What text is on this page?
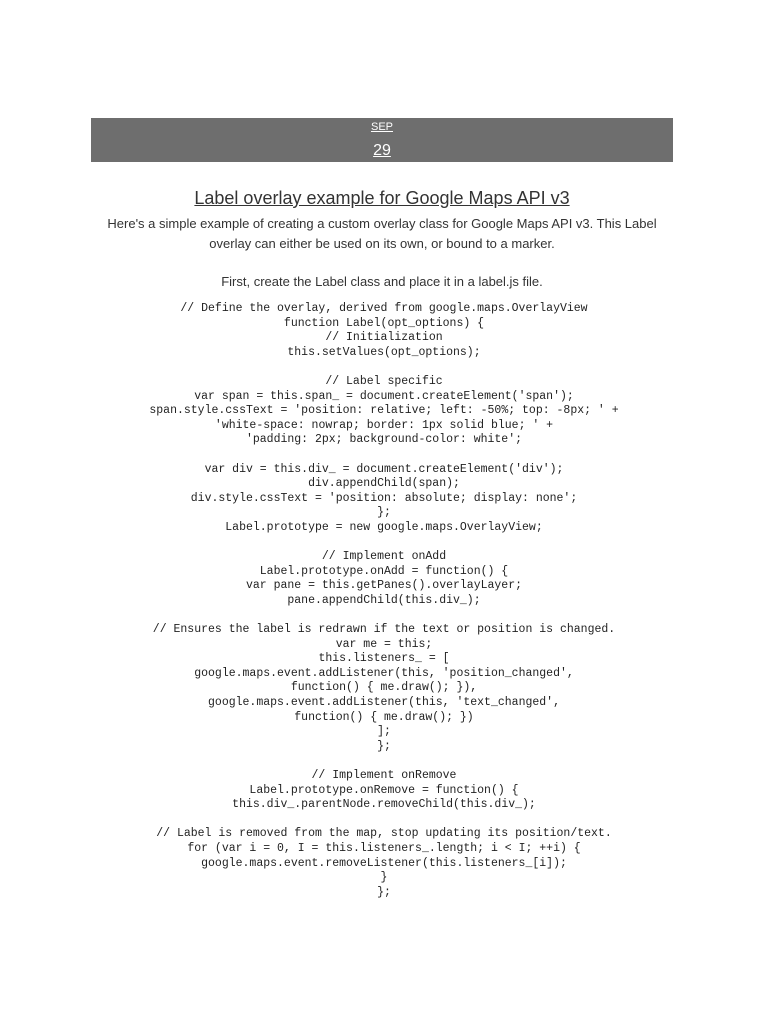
SEP
29
Label overlay example for Google Maps API v3

Here's a simple example of creating a custom overlay class for Google Maps API v3. This Label overlay can either be used on its own, or bound to a marker.

First, create the Label class and place it in a label.js file.

// Define the overlay, derived from google.maps.OverlayView
function Label(opt_options) {
// Initialization
this.setValues(opt_options);
// Label specific
var span = this.span_ = document.createElement('span');
span.style.cssText = 'position: relative; left: -50%; top: -8px; ' +
'white-space: nowrap; border: 1px solid blue; ' +
'padding: 2px; background-color: white';
var div = this.div_ = document.createElement('div');
div.appendChild(span);
div.style.cssText = 'position: absolute; display: none';
};
Label.prototype = new google.maps.OverlayView;
// Implement onAdd
Label.prototype.onAdd = function() {
var pane = this.getPanes().overlayLayer;
pane.appendChild(this.div_);
// Ensures the label is redrawn if the text or position is changed.
var me = this;
this.listeners_ = [
google.maps.event.addListener(this, 'position_changed',
function() { me.draw(); }),
google.maps.event.addListener(this, 'text_changed',
function() { me.draw(); })
];
};
// Implement onRemove
Label.prototype.onRemove = function() {
this.div_.parentNode.removeChild(this.div_);
// Label is removed from the map, stop updating its position/text.
for (var i = 0, I = this.listeners_.length; i < I; ++i) {
google.maps.event.removeListener(this.listeners_[i]);
}
};
